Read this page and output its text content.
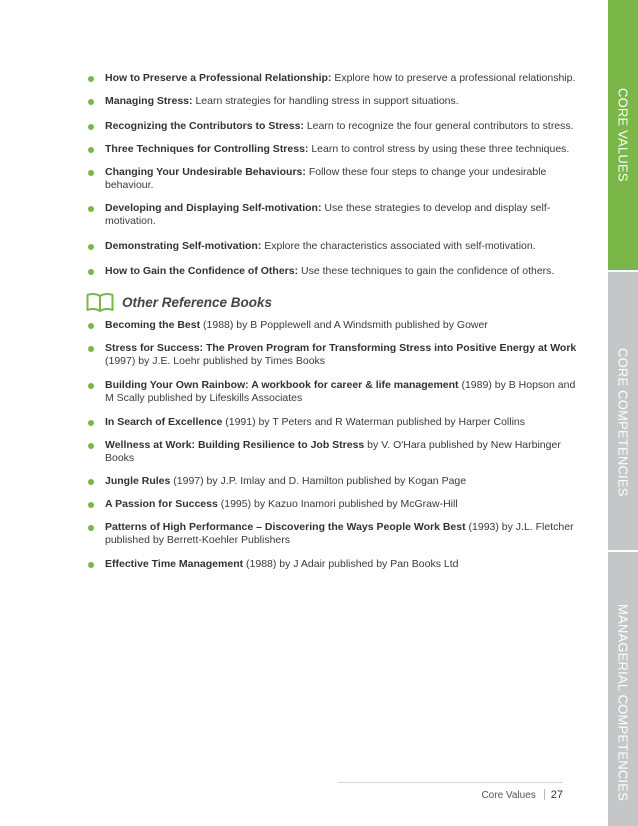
How to Preserve a Professional Relationship: Explore how to preserve a professional relationship.
Managing Stress: Learn strategies for handling stress in support situations.
Recognizing the Contributors to Stress: Learn to recognize the four general contributors to stress.
Three Techniques for Controlling Stress: Learn to control stress by using these three techniques.
Changing Your Undesirable Behaviours: Follow these four steps to change your undesirable behaviour.
Developing and Displaying Self-motivation: Use these strategies to develop and display self-motivation.
Demonstrating Self-motivation: Explore the characteristics associated with self-motivation.
How to Gain the Confidence of Others: Use these techniques to gain the confidence of others.
Other Reference Books
Becoming the Best (1988) by B Popplewell and A Windsmith published by Gower
Stress for Success: The Proven Program for Transforming Stress into Positive Energy at Work (1997) by J.E. Loehr published by Times Books
Building Your Own Rainbow: A workbook for career & life management (1989) by B Hopson and M Scally published by Lifeskills Associates
In Search of Excellence (1991) by T Peters and R Waterman published by Harper Collins
Wellness at Work: Building Resilience to Job Stress by V. O'Hara published by New Harbinger Books
Jungle Rules (1997) by J.P. Imlay and D. Hamilton published by Kogan Page
A Passion for Success (1995) by Kazuo Inamori published by McGraw-Hill
Patterns of High Performance – Discovering the Ways People Work Best (1993) by J.L. Fletcher published by Berrett-Koehler Publishers
Effective Time Management (1988) by J Adair published by Pan Books Ltd
CORE VALUES
CORE COMPETENCIES
MANAGERIAL COMPETENCIES
Core Values 27
